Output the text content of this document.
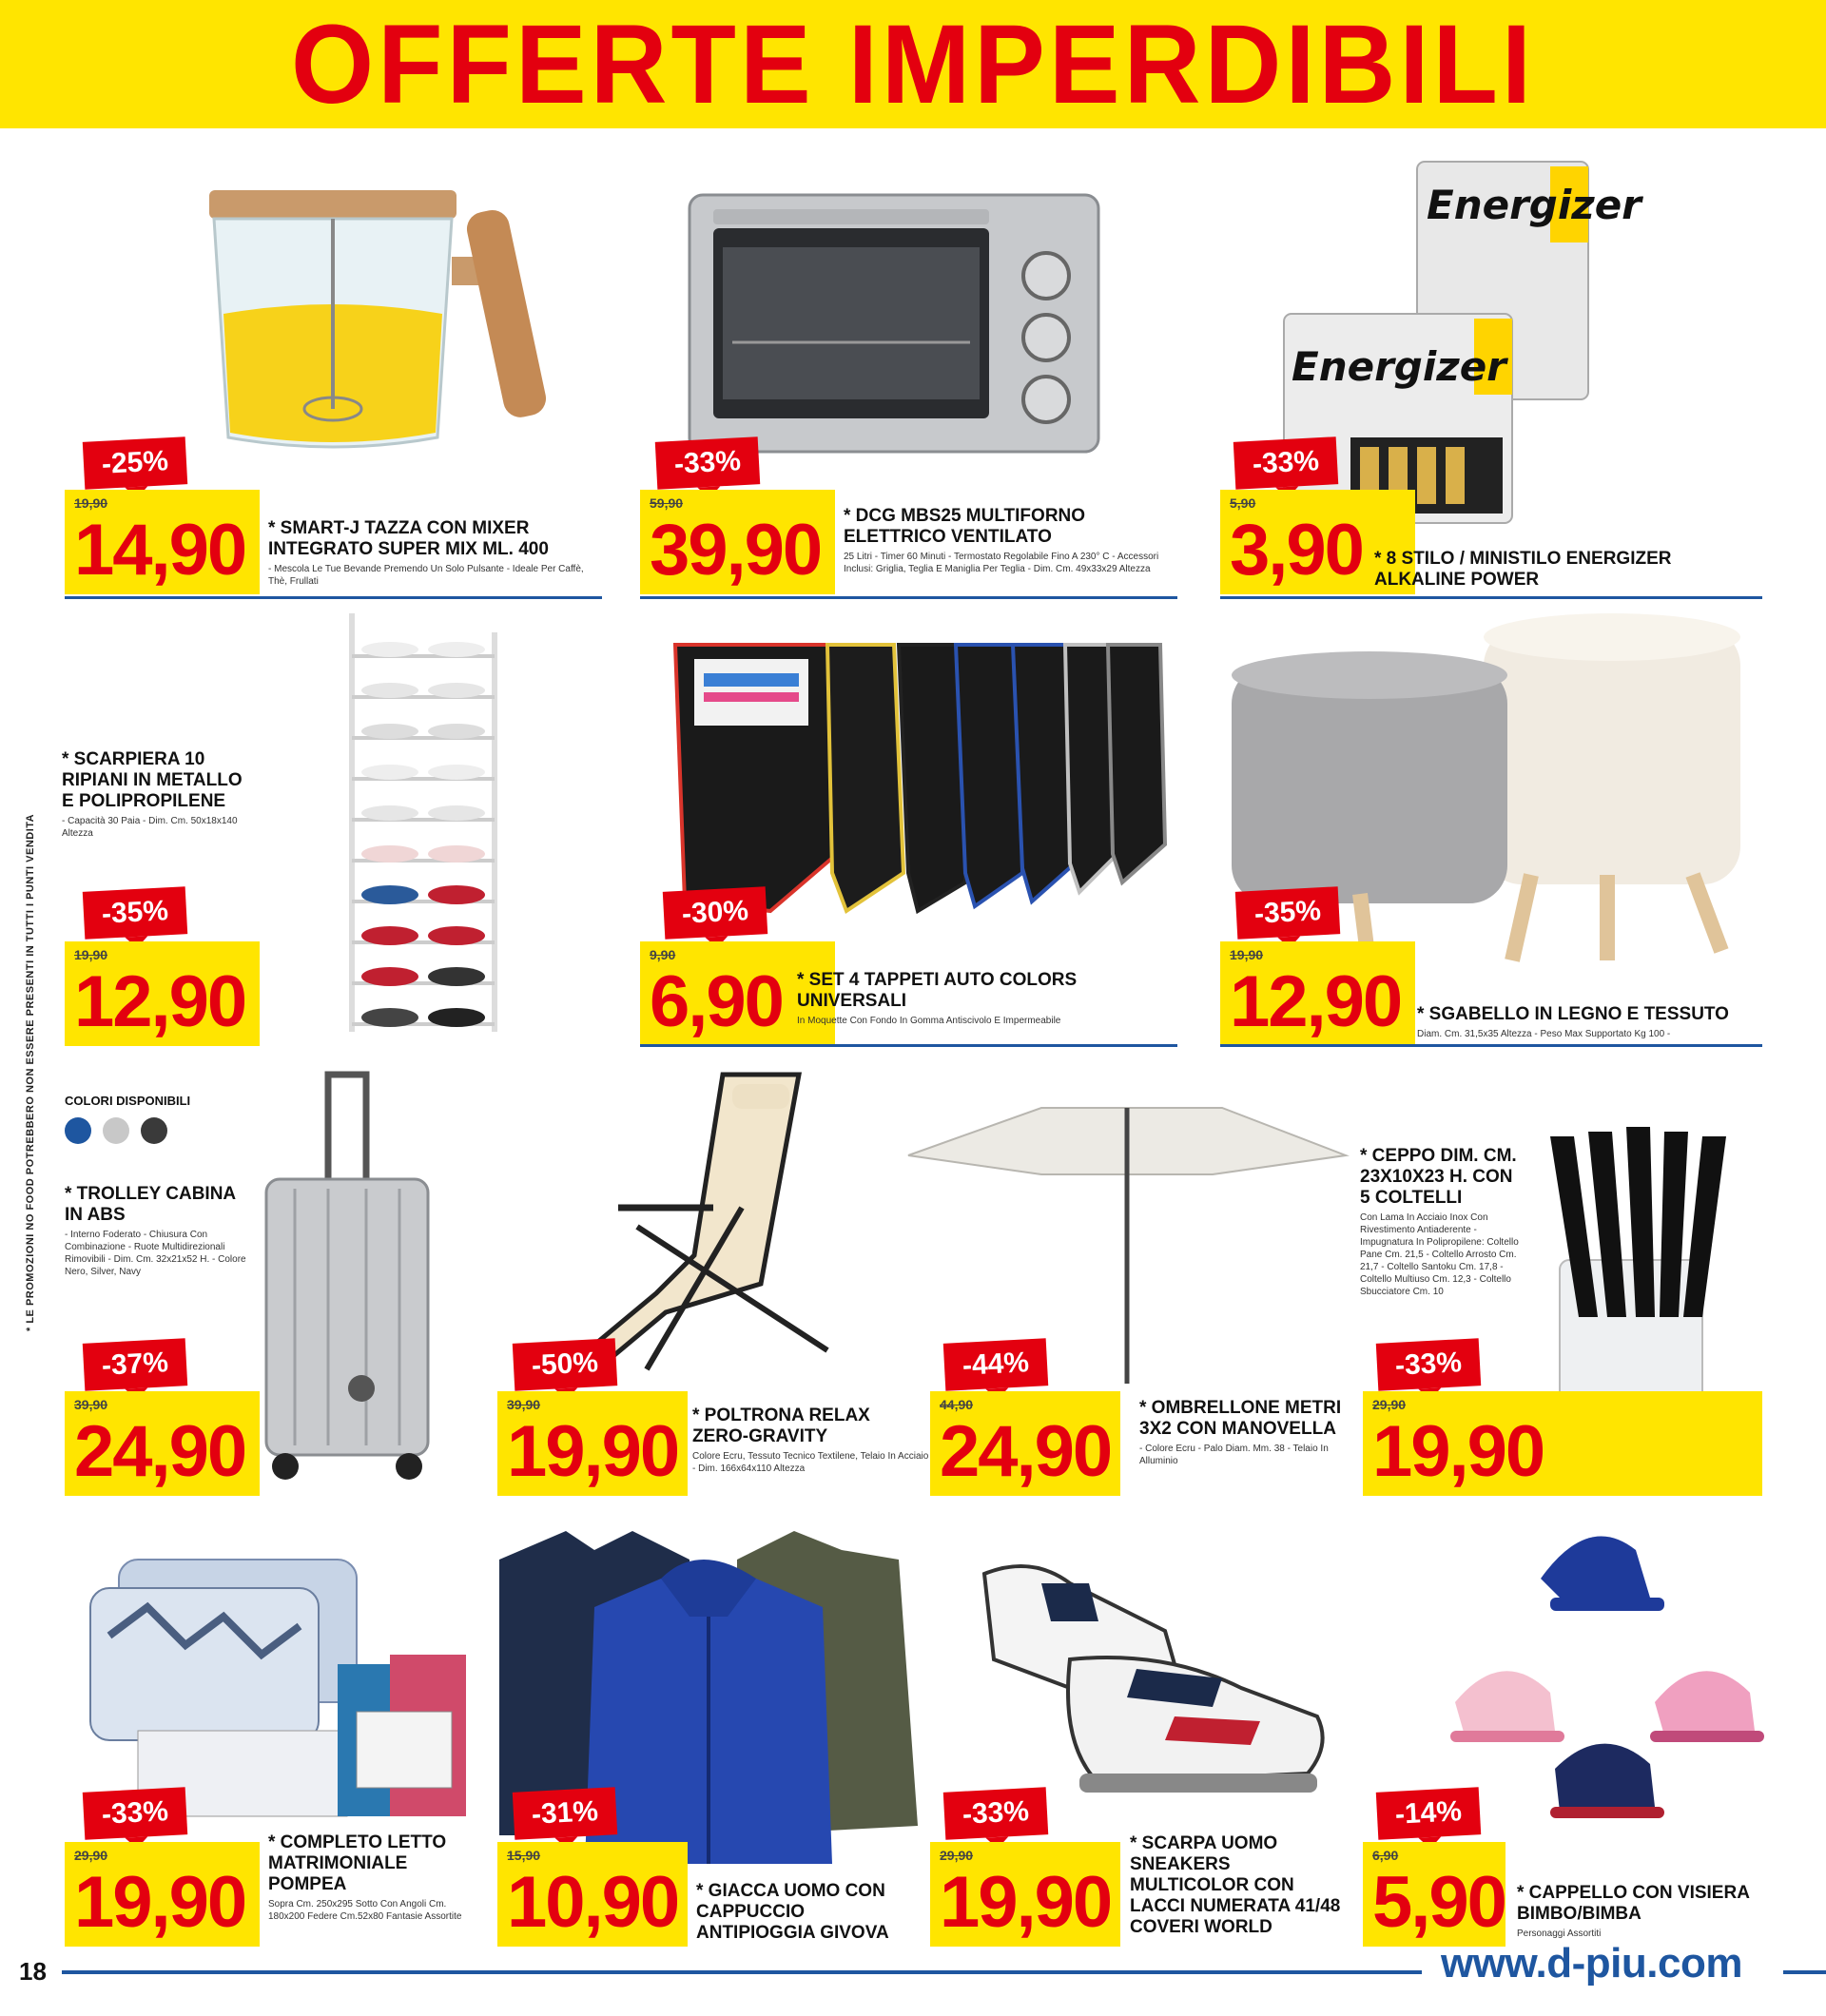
OFFERTE IMPERDIBILI
* LE PROMOZIONI NO FOOD POTREBBERO NON ESSERE PRESENTI IN TUTTI I PUNTI VENDITA
-25%
19,90
14,90 * SMART-J TAZZA CON MIXER INTEGRATO SUPER MIX ML. 400
- Mescola Le Tue Bevande Premendo Un Solo Pulsante - Ideale Per Caffè, Thè, Frullati
-33%
59,90
39,90 * DCG MBS25 MULTIFORNO ELETTRICO VENTILATO
25 Litri - Timer 60 Minuti - Termostato Regolabile Fino A 230° C - Accessori Inclusi: Griglia, Teglia E Maniglia Per Teglia - Dim. Cm. 49x33x29 Altezza
Energizer
Energizer
-33%
5,90
3,90 * 8 STILO / MINISTILO ENERGIZER ALKALINE POWER
* SCARPIERA 10 RIPIANI IN METALLO E POLIPROPILENE
- Capacità 30 Paia - Dim. Cm. 50x18x140 Altezza
-35%
19,90
12,90
-30%
9,90
6,90 * SET 4 TAPPETI AUTO COLORS UNIVERSALI
In Moquette Con Fondo In Gomma Antiscivolo E Impermeabile
-35%
19,90
12,90 * SGABELLO IN LEGNO E TESSUTO
Diam. Cm. 31,5x35 Altezza - Peso Max Supportato Kg 100 -
COLORI DISPONIBILI
* TROLLEY CABINA IN ABS
- Interno Foderato - Chiusura Con Combinazione - Ruote Multidirezionali Rimovibili - Dim. Cm. 32x21x52 H. - Colore Nero, Silver, Navy
-37%
39,90
24,90
-50%
39,90
19,90 * POLTRONA RELAX ZERO-GRAVITY
Colore Ecru, Tessuto Tecnico Textilene, Telaio In Acciaio - Dim. 166x64x110 Altezza
-44%
44,90
24,90
* OMBRELLONE METRI 3X2 CON MANOVELLA
- Colore Ecru - Palo Diam. Mm. 38 - Telaio In Alluminio
* CEPPO DIM. CM. 23X10X23 H. CON 5 COLTELLI
Con Lama In Acciaio Inox Con Rivestimento Antiaderente - Impugnatura In Polipropilene: Coltello Pane Cm. 21,5 - Coltello Arrosto Cm. 21,7 - Coltello Santoku Cm. 17,8 - Coltello Multiuso Cm. 12,3 - Coltello Sbucciatore Cm. 10
-33%
29,90
19,90
-33%
29,90
19,90
* COMPLETO LETTO MATRIMONIALE POMPEA
Sopra Cm. 250x295 Sotto Con Angoli Cm. 180x200 Federe Cm.52x80 Fantasie Assortite
-31%
15,90
10,90 * GIACCA UOMO CON CAPPUCCIO ANTIPIOGGIA GIVOVA
-33%
29,90
19,90
* SCARPA UOMO SNEAKERS MULTICOLOR CON LACCI NUMERATA 41/48 COVERI WORLD
-14%
6,90
5,90 * CAPPELLO CON VISIERA BIMBO/BIMBA
Personaggi Assortiti
18	www.d-piu.com
